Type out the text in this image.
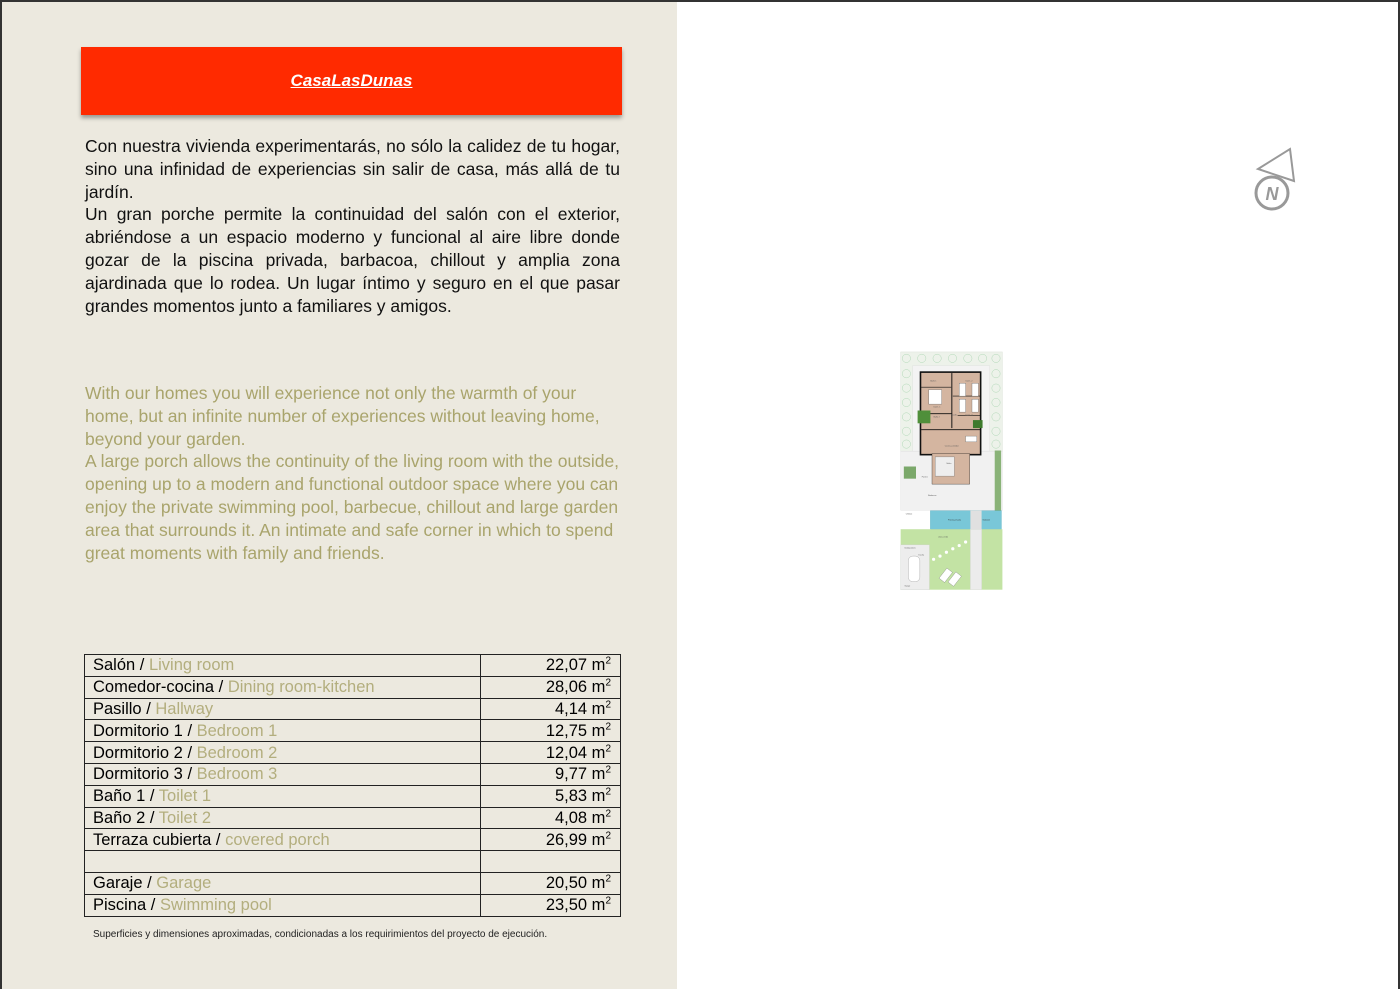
CasaLasDunas

Con nuestra vivienda experimentarás, no sólo la calidez de tu hogar, sino una infinidad de experiencias sin salir de casa, más allá de tu jardín.

Un gran porche permite la continuidad del salón con el exterior, abriéndose a un espacio moderno y funcional al aire libre donde gozar de la piscina privada, barbacoa, chillout y amplia zona ajardinada que lo rodea. Un lugar íntimo y seguro en el que pasar grandes momentos junto a familiares y amigos.

With our homes you will experience not only the warmth of your home, but an infinite number of experiences without leaving home, beyond your garden.

A large porch allows the continuity of the living room with the outside, opening up to a modern and functional outdoor space where you can enjoy the private swimming pool, barbecue, chillout and large garden area that surrounds it. An intimate and safe corner in which to spend great moments with family and friends.

Salón / Living room	22,07 $m^2$
Comedor-cocina / Dining room-kitchen	28,06 $m^2$
Pasillo / Hallway	4,14 $m^2$
Dormitorio 1 / Bedroom 1	12,75 $m^2$
Dormitorio 2 / Bedroom 2	12,04 $m^2$
Dormitorio 3 / Bedroom 3	9,77 $m^2$
Baño 1 / Toilet 1	5,83 $m^2$
Baño 2 / Toilet 2	4,08 $m^2$
Terraza cubierta / covered porch	26,99 $m^2$

Garaje / Garage	20,50 $m^2$
Piscina / Swimming pool	23,50 $m^2$
Superficies y dimensiones aproximadas, condicionadas a los requirimientos del proyecto de ejecución.
Baño 1	Dorm. 2
Dorm. 1
Baño 2
Pasillo Dorm. 3
Cocina-comedor
Salón
Porche
Barbacoa
Chillout
Piscina privada	Solarium
Zona verde
Ducha
Instalaciones
Garaje
N
